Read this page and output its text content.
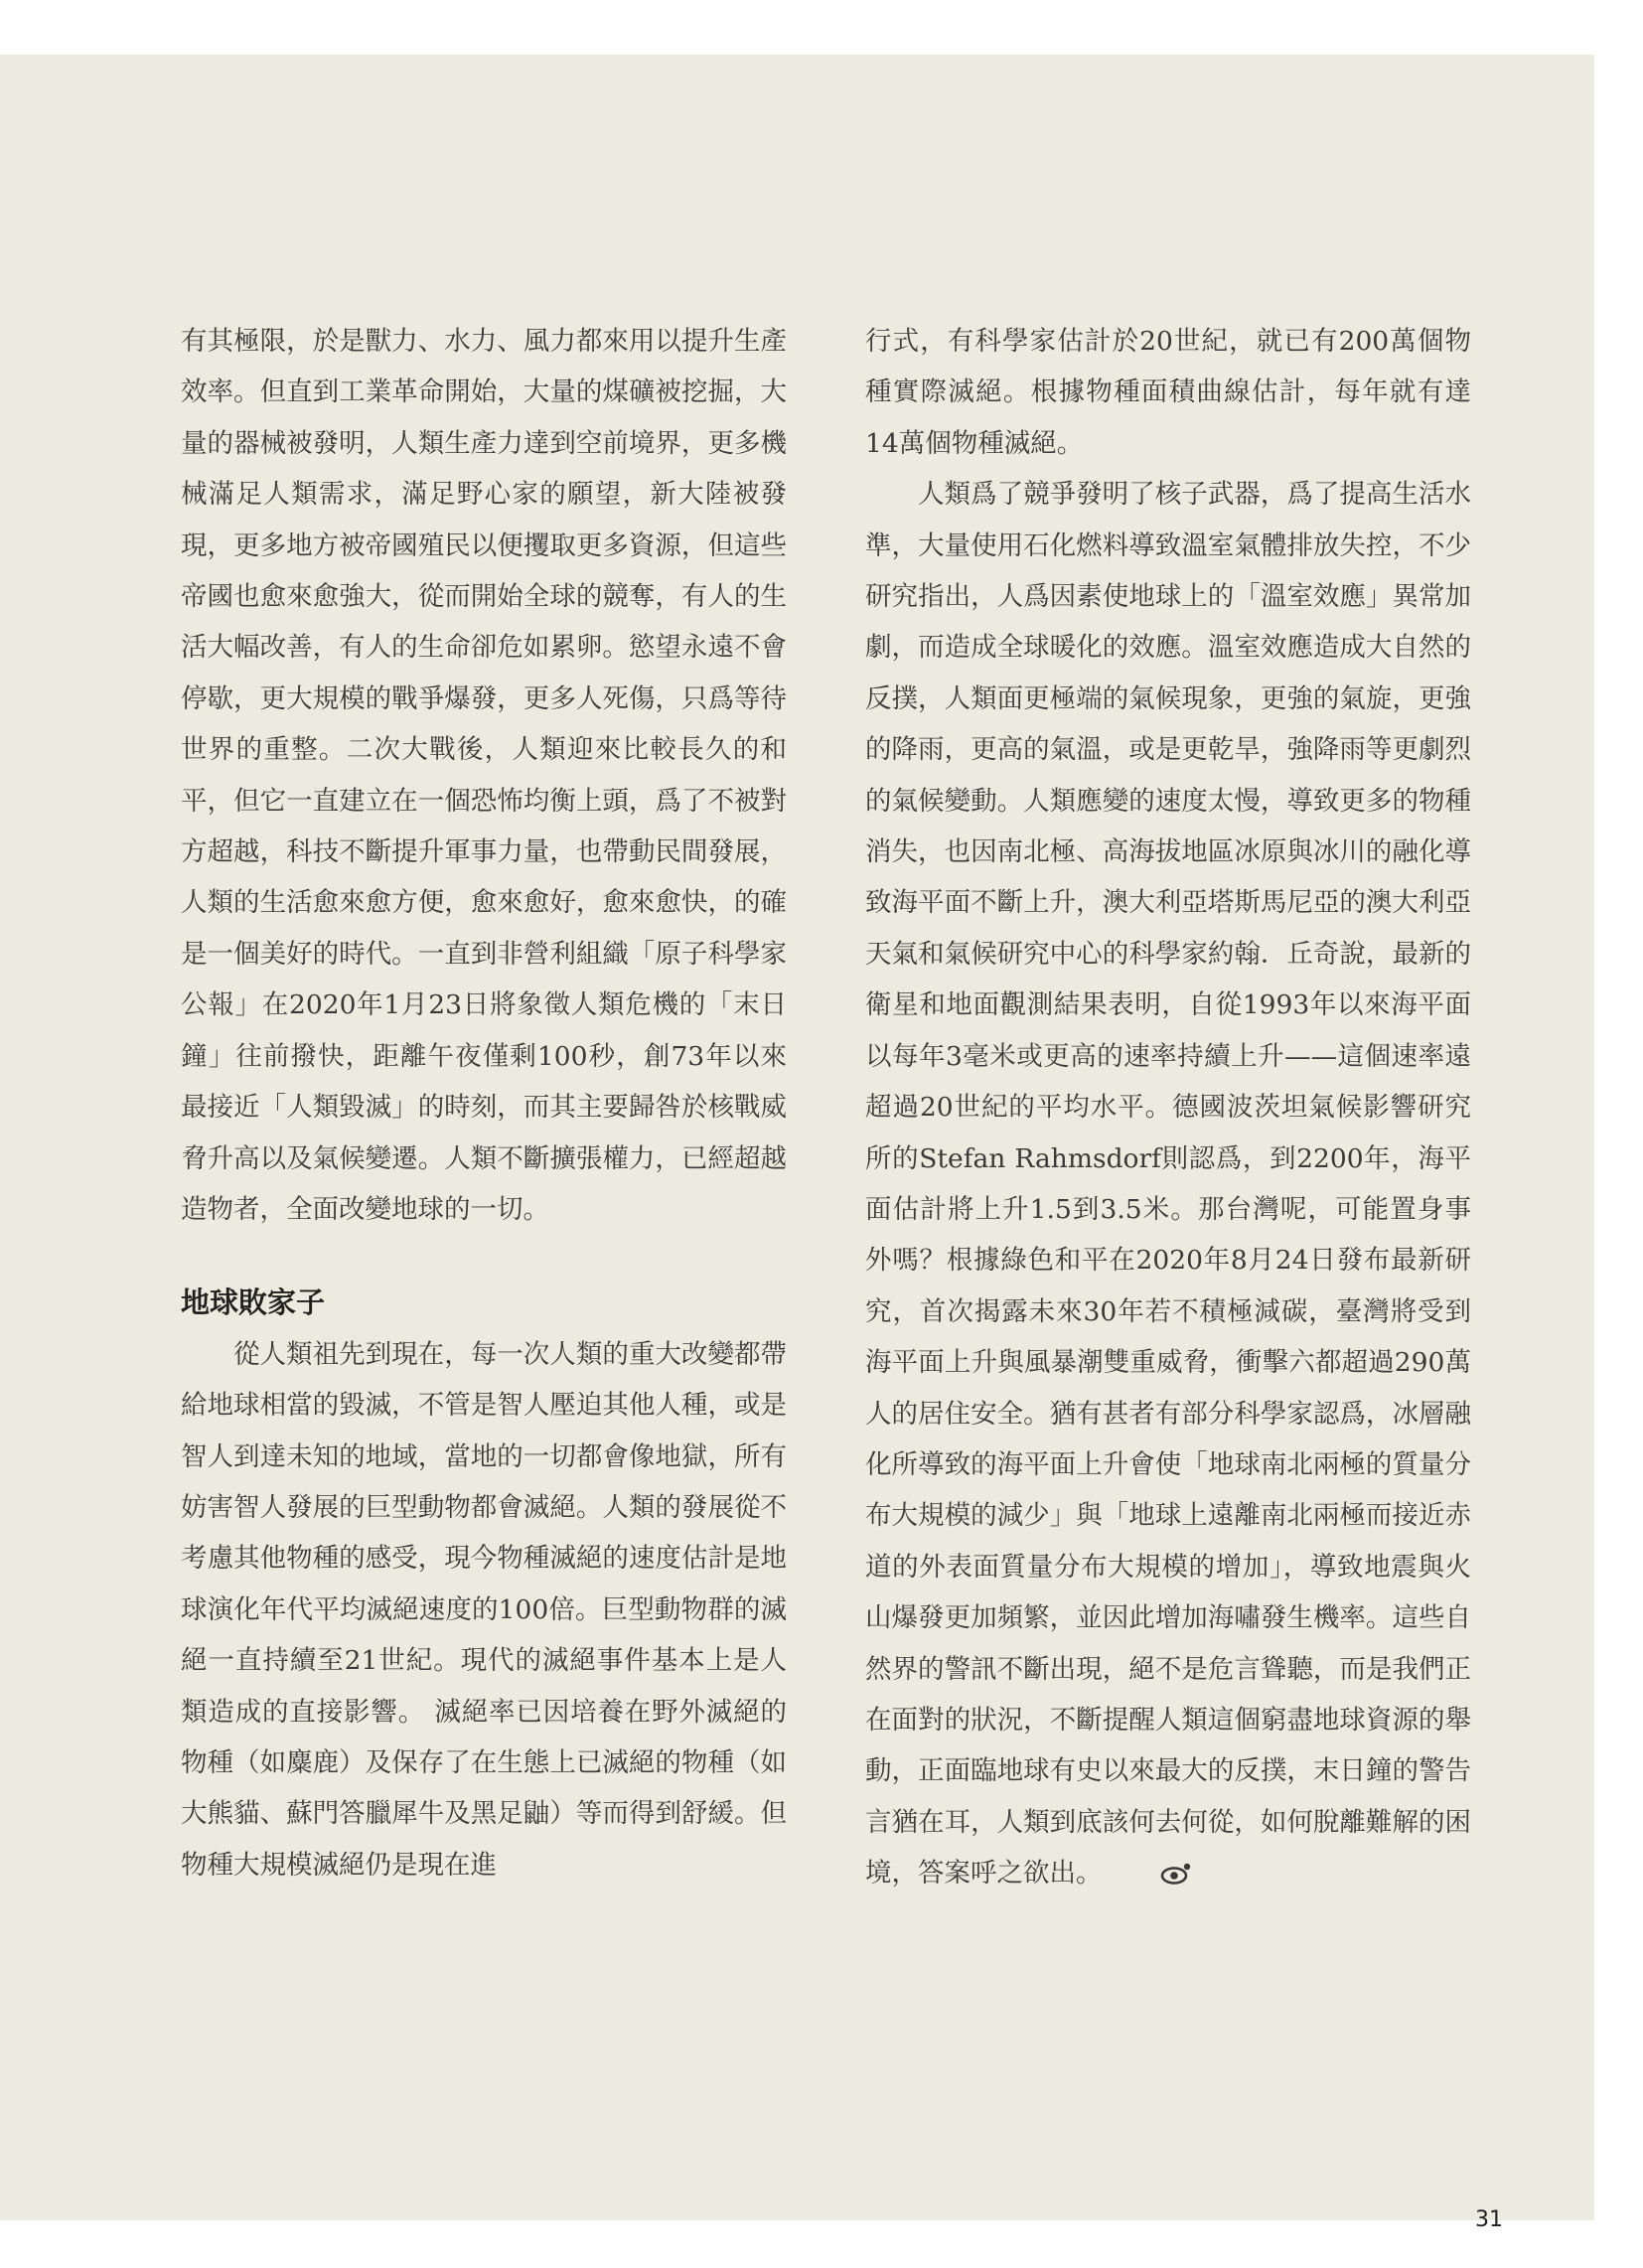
有其極限，於是獸力、水力、風力都來用以提升生產效率。但直到工業革命開始，大量的煤礦被挖掘，大量的器械被發明，人類生產力達到空前境界，更多機械滿足人類需求，滿足野心家的願望，新大陸被發現，更多地方被帝國殖民以便攫取更多資源，但這些帝國也愈來愈強大，從而開始全球的競奪，有人的生活大幅改善，有人的生命卻危如累卵。慾望永遠不會停歇，更大規模的戰爭爆發，更多人死傷，只爲等待世界的重整。二次大戰後，人類迎來比較長久的和平，但它一直建立在一個恐怖均衡上頭，爲了不被對方超越，科技不斷提升軍事力量，也帶動民間發展，人類的生活愈來愈方便，愈來愈好，愈來愈快，的確是一個美好的時代。一直到非營利組織「原子科學家公報」在2020年1月23日將象徵人類危機的「末日鐘」往前撥快，距離午夜僅剩100秒，創73年以來最接近「人類毀滅」的時刻，而其主要歸咎於核戰威脅升高以及氣候變遷。人類不斷擴張權力，已經超越造物者，全面改變地球的一切。

地球敗家子

從人類祖先到現在，每一次人類的重大改變都帶給地球相當的毀滅，不管是智人壓迫其他人種，或是智人到達未知的地域，當地的一切都會像地獄，所有妨害智人發展的巨型動物都會滅絕。人類的發展從不考慮其他物種的感受，現今物種滅絕的速度估計是地球演化年代平均滅絕速度的100倍。巨型動物群的滅絕一直持續至21世紀。現代的滅絕事件基本上是人類造成的直接影響。 滅絕率已因培養在野外滅絕的物種（如麋鹿）及保存了在生態上已滅絕的物種（如大熊貓、蘇門答臘犀牛及黑足鼬）等而得到舒緩。但物種大規模滅絕仍是現在進

行式，有科學家估計於20世紀，就已有200萬個物種實際滅絕。根據物種面積曲線估計，每年就有達14萬個物種滅絕。

人類爲了競爭發明了核子武器，爲了提高生活水準，大量使用石化燃料導致溫室氣體排放失控，不少研究指出，人爲因素使地球上的「溫室效應」異常加劇，而造成全球暖化的效應。溫室效應造成大自然的反撲，人類面更極端的氣候現象，更強的氣旋，更強的降雨，更高的氣溫，或是更乾旱，強降雨等更劇烈的氣候變動。人類應變的速度太慢，導致更多的物種消失，也因南北極、高海拔地區冰原與冰川的融化導致海平面不斷上升，澳大利亞塔斯馬尼亞的澳大利亞天氣和氣候研究中心的科學家約翰．丘奇說，最新的衛星和地面觀測結果表明，自從1993年以來海平面以每年3毫米或更高的速率持續上升——這個速率遠超過20世紀的平均水平。德國波茨坦氣候影響研究所的Stefan Rahmsdorf則認爲，到2200年，海平面估計將上升1.5到3.5米。那台灣呢，可能置身事外嗎？根據綠色和平在2020年8月24日發布最新研究，首次揭露未來30年若不積極減碳，臺灣將受到海平面上升與風暴潮雙重威脅，衝擊六都超過290萬人的居住安全。猶有甚者有部分科學家認爲，冰層融化所導致的海平面上升會使「地球南北兩極的質量分布大規模的減少」與「地球上遠離南北兩極而接近赤道的外表面質量分布大規模的增加」，導致地震與火山爆發更加頻繁，並因此增加海嘯發生機率。這些自然界的警訊不斷出現，絕不是危言聳聽，而是我們正在面對的狀況，不斷提醒人類這個窮盡地球資源的舉動，正面臨地球有史以來最大的反撲，末日鐘的警告言猶在耳，人類到底該何去何從，如何脫離難解的困境，答案呼之欲出。

31
